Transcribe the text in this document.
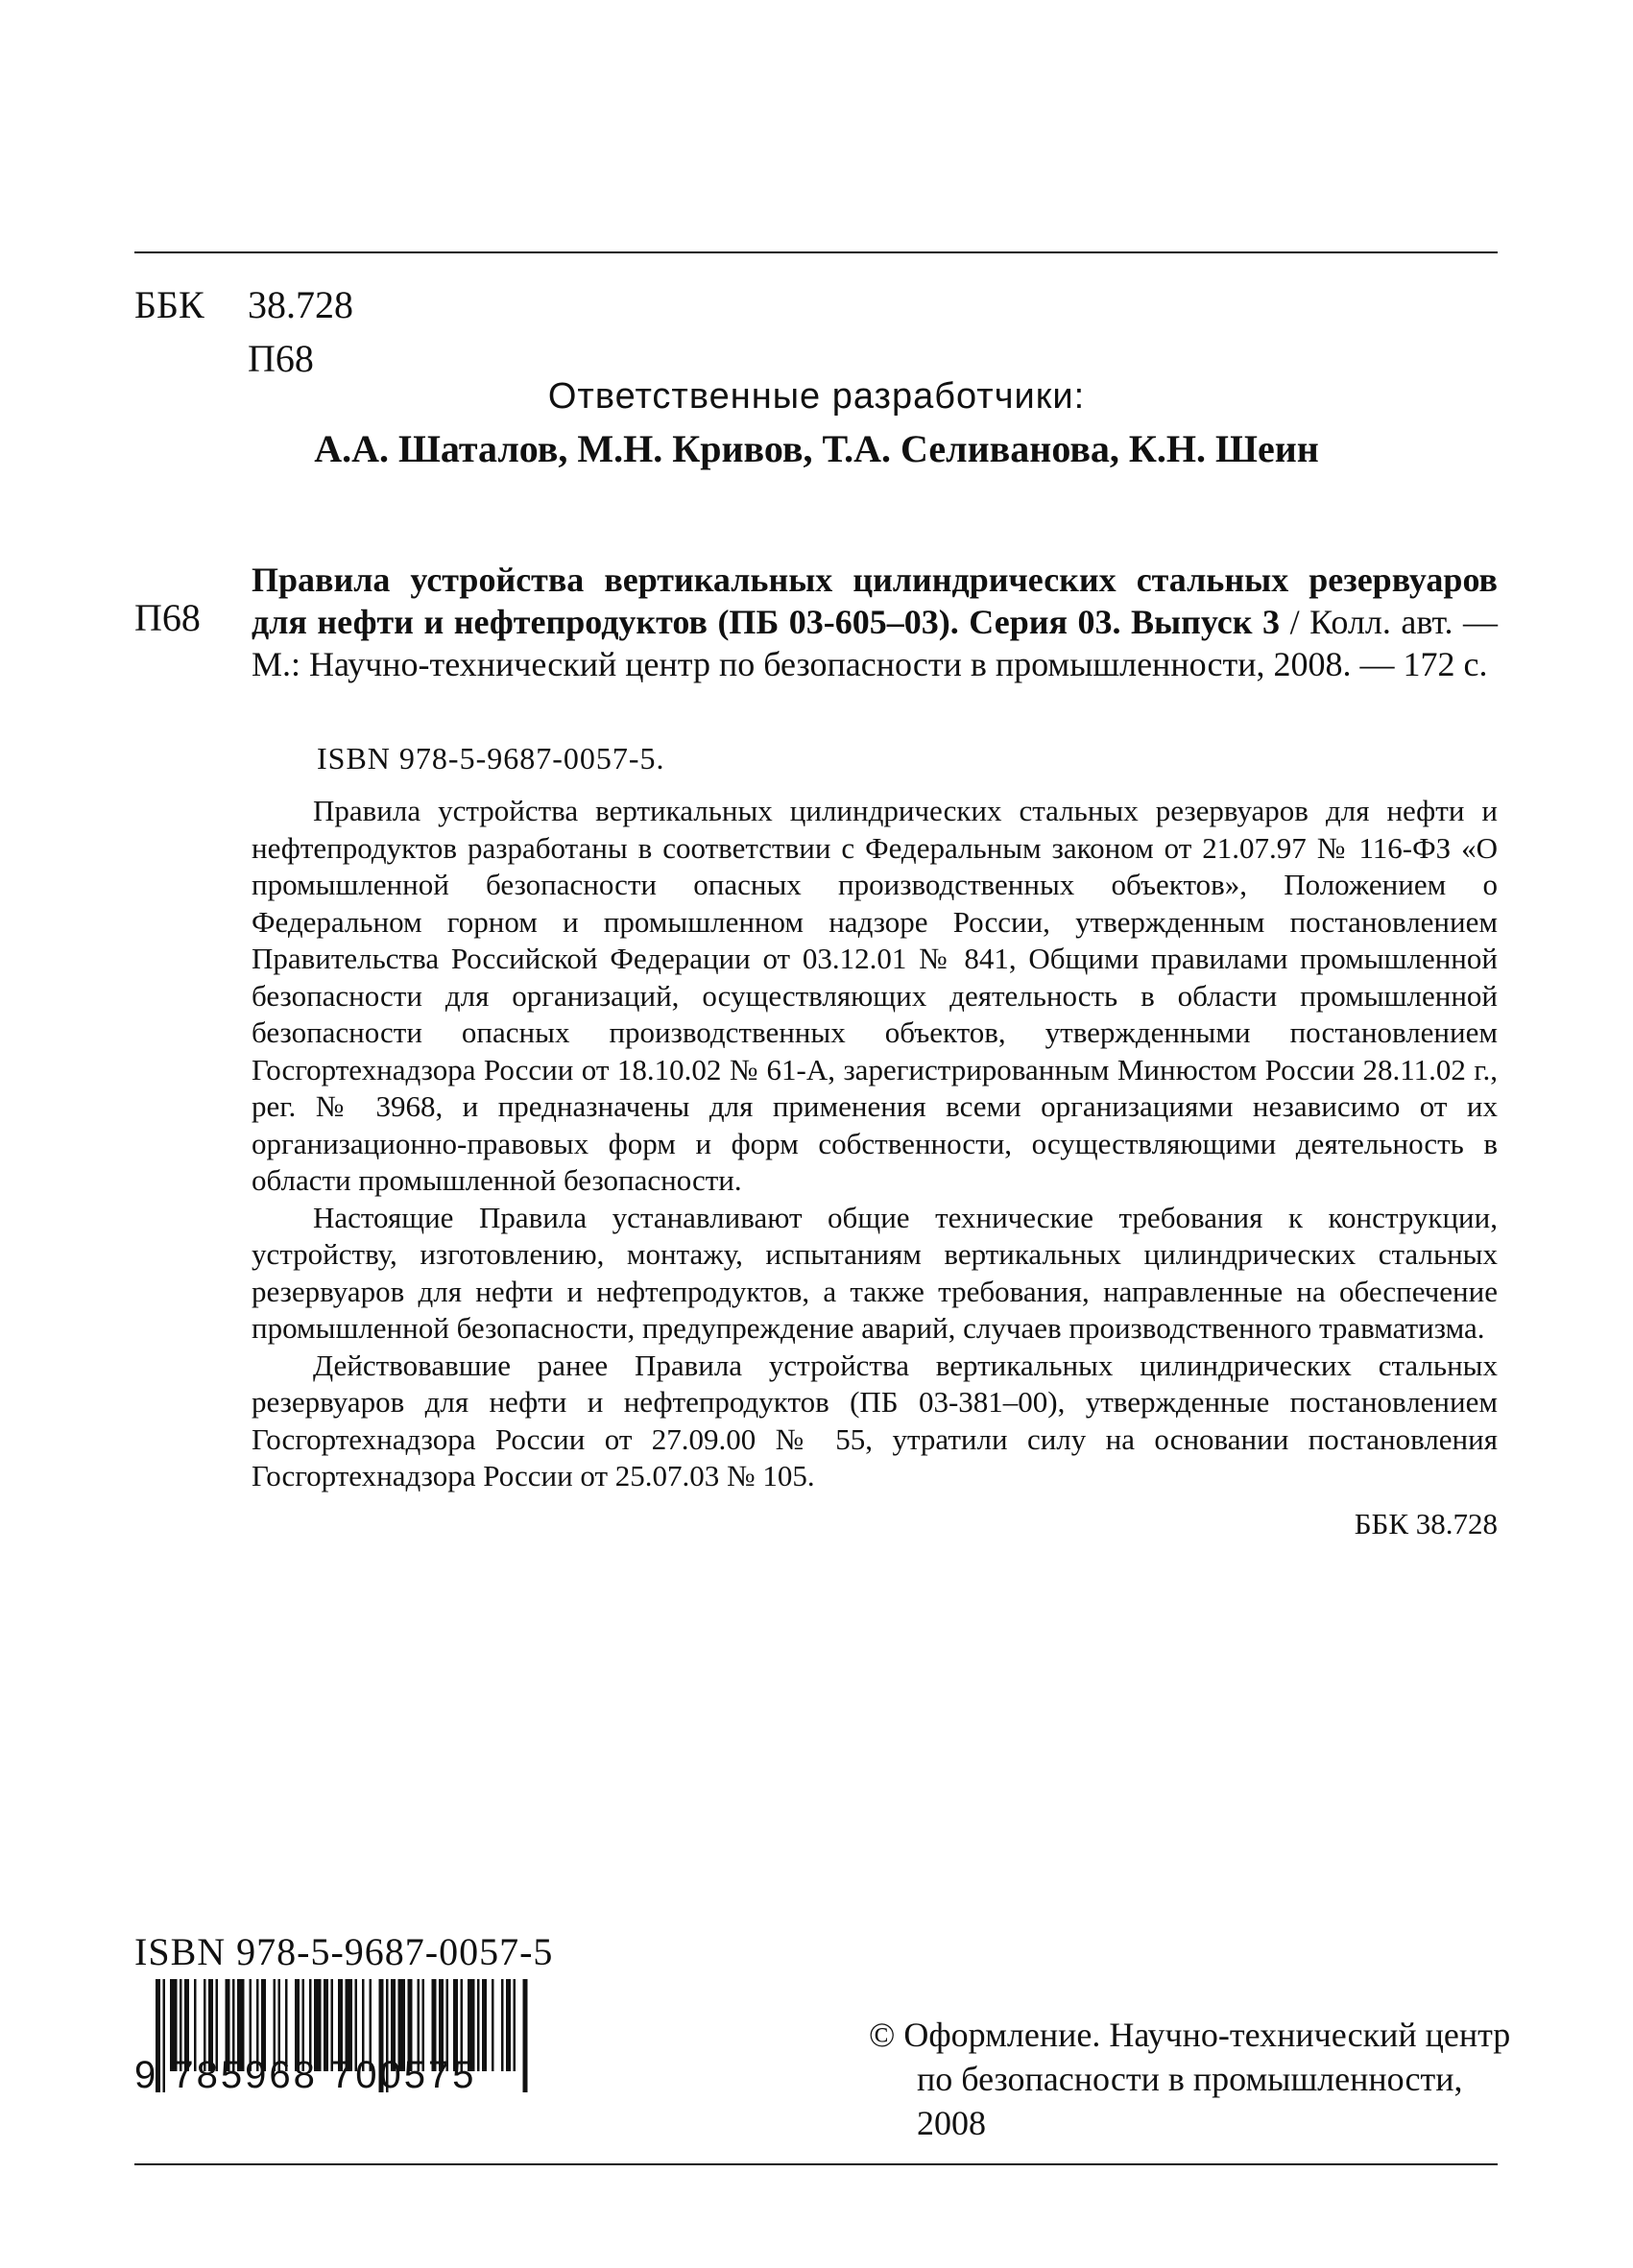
ББК	38.728
П68
Ответственные разработчики:
А.А. Шаталов, М.Н. Кривов, Т.А. Селиванова, К.Н. Шеин
П68
Правила устройства вертикальных цилиндрических стальных резервуаров для нефти и нефтепродуктов (ПБ 03-605–03). Серия 03. Выпуск 3 / Колл. авт. — М.: Научно-технический центр по безопасности в промышленности, 2008. — 172 с.
ISBN 978-5-9687-0057-5.

Правила устройства вертикальных цилиндрических стальных резервуаров для нефти и нефтепродуктов разработаны в соответствии с Федеральным законом от 21.07.97 № 116-ФЗ «О промышленной безопасности опасных производственных объектов», Положением о Федеральном горном и промышленном надзоре России, утвержденным постановлением Правительства Российской Федерации от 03.12.01 № 841, Общими правилами промышленной безопасности для организаций, осуществляющих деятельность в области промышленной безопасности опасных производственных объектов, утвержденными постановлением Госгортехнадзора России от 18.10.02 № 61-А, зарегистрированным Минюстом России 28.11.02 г., рег. № 3968, и предназначены для применения всеми организациями независимо от их организационно-правовых форм и форм собственности, осуществляющими деятельность в области промышленной безопасности.

Настоящие Правила устанавливают общие технические требования к конструкции, устройству, изготовлению, монтажу, испытаниям вертикальных цилиндрических стальных резервуаров для нефти и нефтепродуктов, а также требования, направленные на обеспечение промышленной безопасности, предупреждение аварий, случаев производственного травматизма.

Действовавшие ранее Правила устройства вертикальных цилиндрических стальных резервуаров для нефти и нефтепродуктов (ПБ 03-381–00), утвержденные постановлением Госгортехнадзора России от 27.09.00 № 55, утратили силу на основании постановления Госгортехнадзора России от 25.07.03 № 105.

ББК 38.728
ISBN 978-5-9687-0057-5
9 785968 700575
© Оформление. Научно-технический центр
по безопасности в промышленности,
2008
